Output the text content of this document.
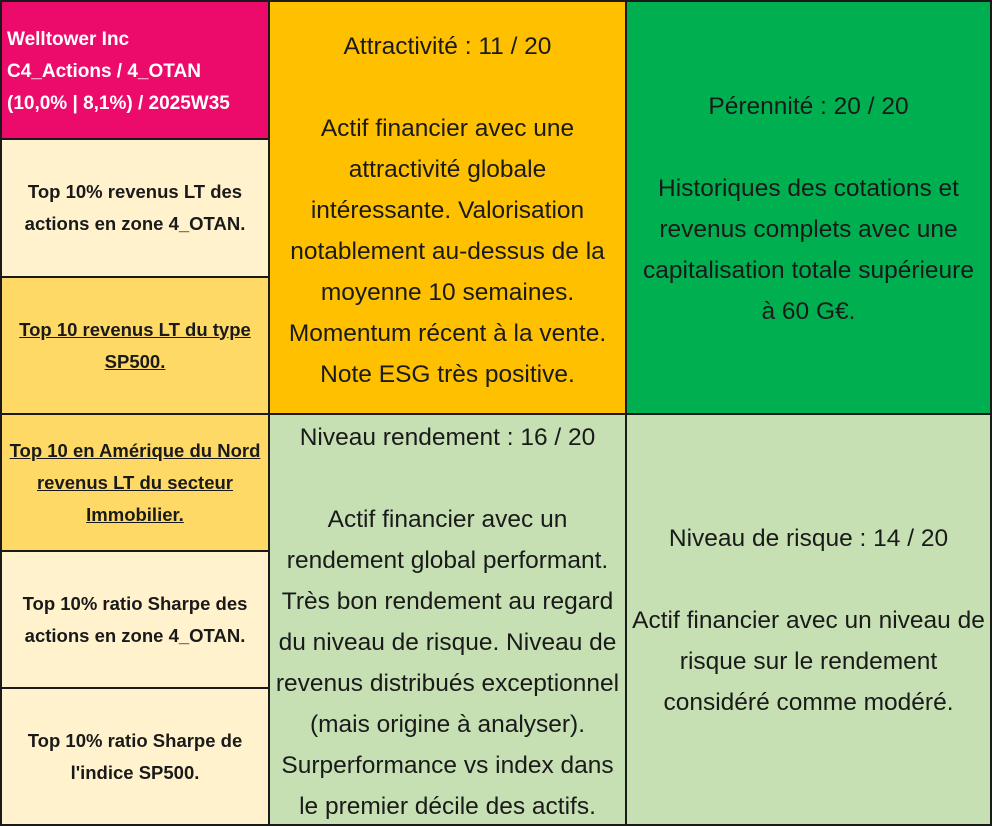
Welltower Inc
C4_Actions / 4_OTAN
(10,0% | 8,1%) / 2025W35
Top 10% revenus LT des actions en zone 4_OTAN.
Top 10 revenus LT du type SP500.
Top 10 en Amérique du Nord revenus LT du secteur Immobilier.
Top 10% ratio Sharpe des actions en zone 4_OTAN.
Top 10% ratio Sharpe de l'indice SP500.
Attractivité : 11 / 20
Actif financier avec une attractivité globale intéressante. Valorisation notablement au-dessus de la moyenne 10 semaines. Momentum récent à la vente. Note ESG très positive.
Pérennité : 20 / 20
Historiques des cotations et revenus complets avec une capitalisation totale supérieure à 60 G€.
Niveau rendement : 16 / 20
Actif financier avec un rendement global performant. Très bon rendement au regard du niveau de risque. Niveau de revenus distribués exceptionnel (mais origine à analyser). Surperformance vs index dans le premier décile des actifs.
Niveau de risque : 14 / 20
Actif financier avec un niveau de risque sur le rendement considéré comme modéré.
